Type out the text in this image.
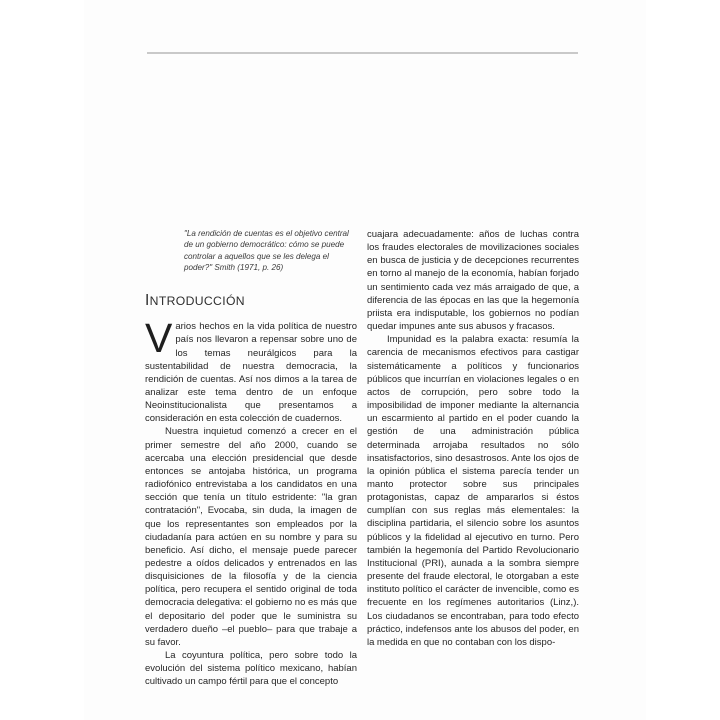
"La rendición de cuentas es el objetivo central de un gobierno democrático: cómo se puede controlar a aquellos que se les delega el poder?" Smith (1971, p. 26)

INTRODUCCIÓN

Varios hechos en la vida política de nuestro país nos llevaron a repensar sobre uno de los temas neurálgicos para la sustentabilidad de nuestra democracia, la rendición de cuentas. Así nos dimos a la tarea de analizar este tema dentro de un enfoque Neoinstitucionalista que presentamos a consideración en esta colección de cuadernos.

Nuestra inquietud comenzó a crecer en el primer semestre del año 2000, cuando se acercaba una elección presidencial que desde entonces se antojaba histórica, un programa radiofónico entrevistaba a los candidatos en una sección que tenía un título estridente: "la gran contratación", Evocaba, sin duda, la imagen de que los representantes son empleados por la ciudadanía para actúen en su nombre y para su beneficio. Así dicho, el mensaje puede parecer pedestre a oídos delicados y entrenados en las disquisiciones de la filosofía y de la ciencia política, pero recupera el sentido original de toda democracia delegativa: el gobierno no es más que el depositario del poder que le suministra su verdadero dueño –el pueblo– para que trabaje a su favor.

La coyuntura política, pero sobre todo la evolución del sistema político mexicano, habían cultivado un campo fértil para que el concepto

cuajara adecuadamente: años de luchas contra los fraudes electorales de movilizaciones sociales en busca de justicia y de decepciones recurrentes en torno al manejo de la economía, habían forjado un sentimiento cada vez más arraigado de que, a diferencia de las épocas en las que la hegemonía priista era indisputable, los gobiernos no podían quedar impunes ante sus abusos y fracasos.

Impunidad es la palabra exacta: resumía la carencia de mecanismos efectivos para castigar sistemáticamente a políticos y funcionarios públicos que incurrían en violaciones legales o en actos de corrupción, pero sobre todo la imposibilidad de imponer mediante la alternancia un escarmiento al partido en el poder cuando la gestión de una administración pública determinada arrojaba resultados no sólo insatisfactorios, sino desastrosos. Ante los ojos de la opinión pública el sistema parecía tender un manto protector sobre sus principales protagonistas, capaz de ampararlos si éstos cumplían con sus reglas más elementales: la disciplina partidaria, el silencio sobre los asuntos públicos y la fidelidad al ejecutivo en turno. Pero también la hegemonía del Partido Revolucionario Institucional (PRI), aunada a la sombra siempre presente del fraude electoral, le otorgaban a este instituto político el carácter de invencible, como es frecuente en los regímenes autoritarios (Linz,). Los ciudadanos se encontraban, para todo efecto práctico, indefensos ante los abusos del poder, en la medida en que no contaban con los dispo-
